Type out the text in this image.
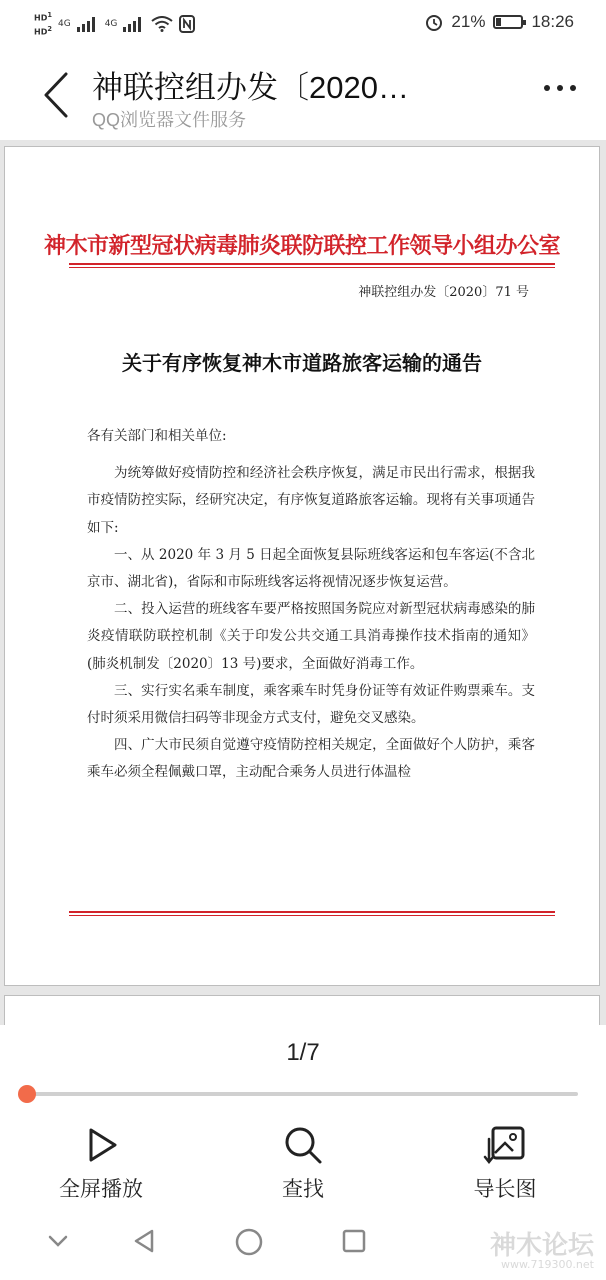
$HD^1$
$HD^2$ 4G	4G	21%	18:26
神联控组办发〔2020…
QQ浏览器文件服务
神木市新型冠状病毒肺炎联防联控工作领导小组办公室
神联控组办发〔2020〕71 号
关于有序恢复神木市道路旅客运输的通告

各有关部门和相关单位:

为统筹做好疫情防控和经济社会秩序恢复，满足市民出行需求，根据我市疫情防控实际，经研究决定，有序恢复道路旅客运输。现将有关事项通告如下:

一、从 2020 年 3 月 5 日起全面恢复县际班线客运和包车客运(不含北京市、湖北省)，省际和市际班线客运将视情况逐步恢复运营。

二、投入运营的班线客车要严格按照国务院应对新型冠状病毒感染的肺炎疫情联防联控机制《关于印发公共交通工具消毒操作技术指南的通知》(肺炎机制发〔2020〕13 号)要求，全面做好消毒工作。

三、实行实名乘车制度，乘客乘车时凭身份证等有效证件购票乘车。支付时须采用微信扫码等非现金方式支付，避免交叉感染。

四、广大市民须自觉遵守疫情防控相关规定，全面做好个人防护，乘客乘车必须全程佩戴口罩，主动配合乘务人员进行体温检

1/7
全屏播放	查找	导长图
神木论坛
www.719300.net
